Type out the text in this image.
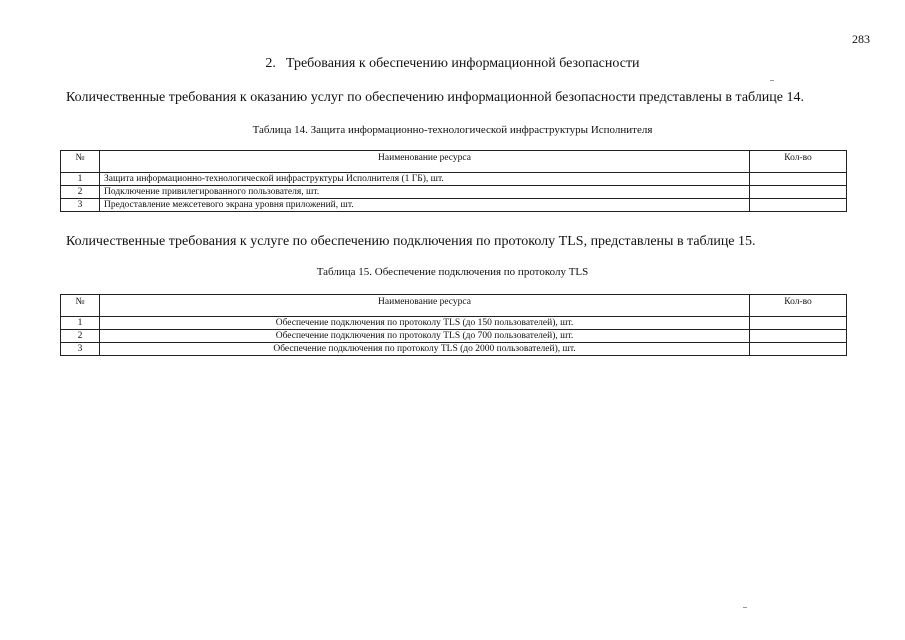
283
2. Требования к обеспечению информационной безопасности
Количественные требования к оказанию услуг по обеспечению информационной безопасности представлены в таблице 14.
Таблица 14. Защита информационно-технологической инфраструктуры Исполнителя
№	Наименование ресурса	Кол-во
1	Защита информационно-технологической инфраструктуры Исполнителя (1 ГБ), шт.	
2	Подключение привилегированного пользователя, шт.	
3	Предоставление межсетевого экрана уровня приложений, шт.	
Количественные требования к услуге по обеспечению подключения по протоколу TLS, представлены в таблице 15.
Таблица 15. Обеспечение подключения по протоколу TLS
№	Наименование ресурса	Кол-во
1	Обеспечение подключения по протоколу TLS (до 150 пользователей), шт.	
2	Обеспечение подключения по протоколу TLS (до 700 пользователей), шт.	
3	Обеспечение подключения по протоколу TLS (до 2000 пользователей), шт.	
